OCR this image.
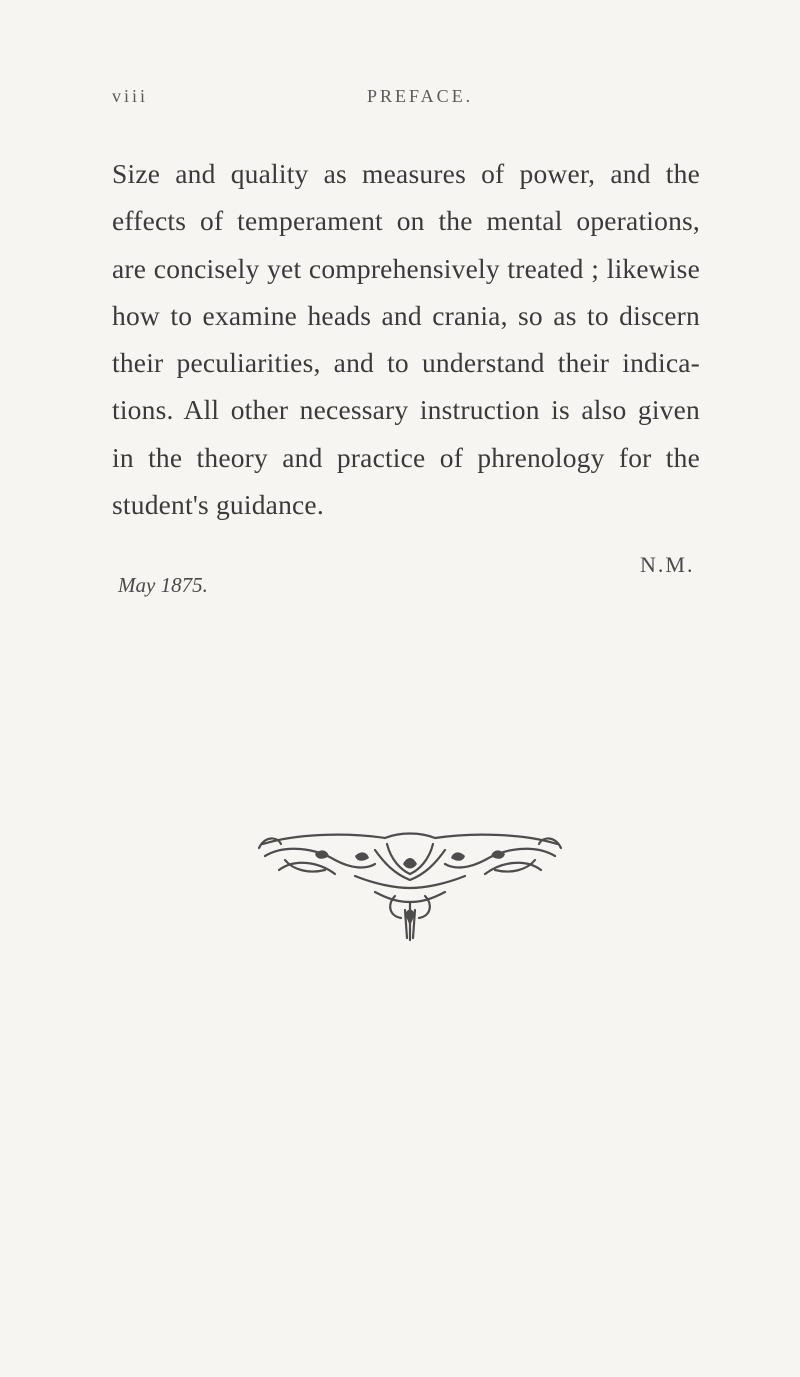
viii	PREFACE.
Size and quality as measures of power, and the
effects of temperament on the mental operations,
are concisely yet comprehensively treated ; likewise
how to examine heads and crania, so as to discern
their peculiarities, and to understand their indica-
tions. All other necessary instruction is also given
in the theory and practice of phrenology for the
student's guidance.
N.M.
May 1875.
